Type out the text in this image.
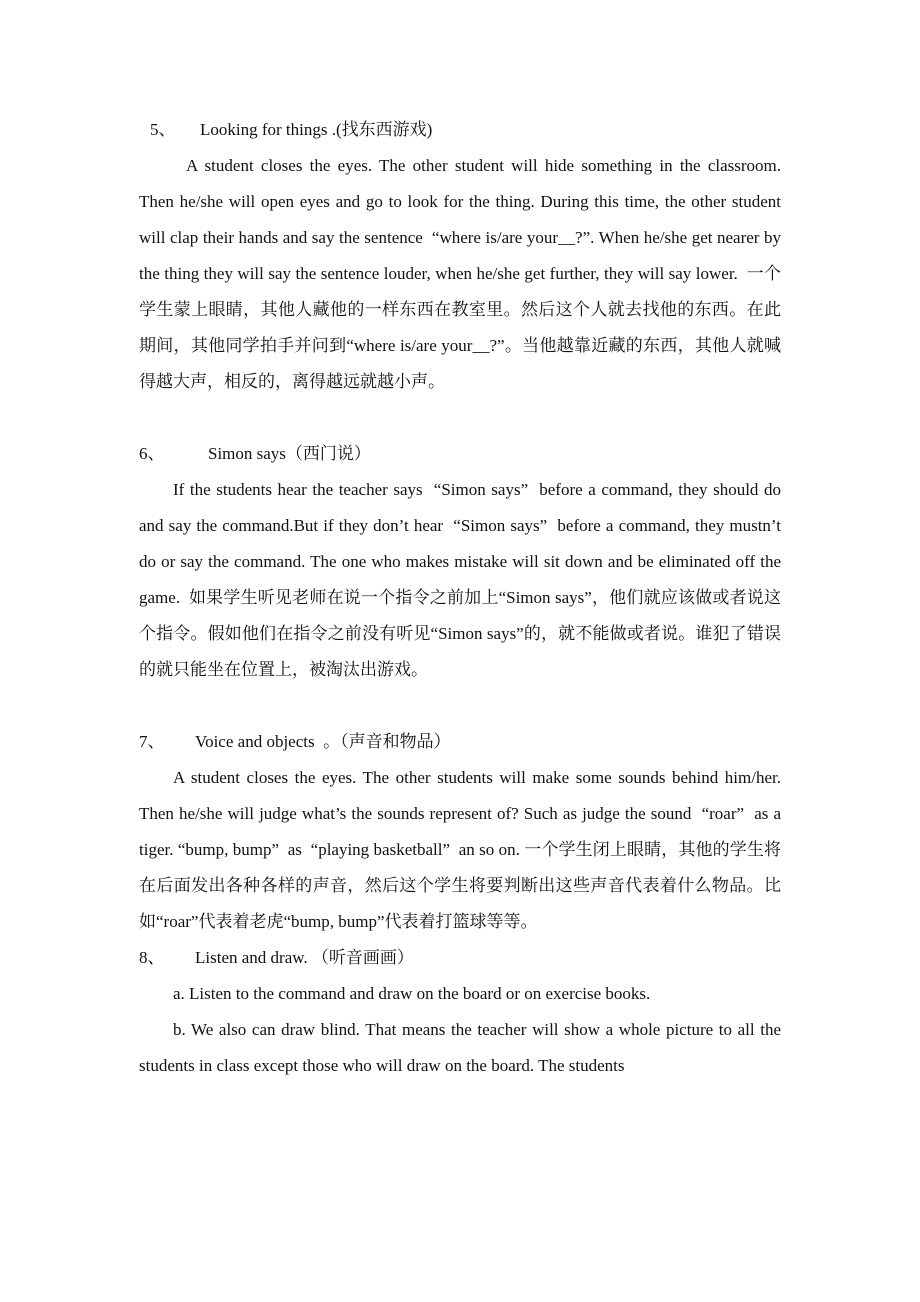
5、 Looking for things .(找东西游戏)

A student closes the eyes. The other student will hide something in the classroom. Then he/she will open eyes and go to look for the thing. During this time, the other student will clap their hands and say the sentence  “where is/are your__?”. When he/she get nearer by the thing they will say the sentence louder, when he/she get further, they will say lower.  一个学生蒙上眼睛，其他人藏他的一样东西在教室里。然后这个人就去找他的东西。在此期间，其他同学拍手并问到“where is/are your__?”。当他越靠近藏的东西，其他人就喊得越大声，相反的，离得越远就越小声。

6、	Simon says（西门说）

If the students hear the teacher says  “Simon says”  before a command, they should do and say the command.But if they don’t hear  “Simon says”  before a command, they mustn’t do or say the command. The one who makes mistake will sit down and be eliminated off the game.  如果学生听见老师在说一个指令之前加上“Simon says”，他们就应该做或者说这个指令。假如他们在指令之前没有听见“Simon says”的，就不能做或者说。谁犯了错误的就只能坐在位置上，被淘汰出游戏。

7、 Voice and objects  。（声音和物品）

A student closes the eyes. The other students will make some sounds behind him/her. Then he/she will judge what’s the sounds represent of? Such as judge the sound  “roar”  as a tiger. “bump, bump”  as  “playing basketball”  an so on. 一个学生闭上眼睛，其他的学生将在后面发出各种各样的声音，然后这个学生将要判断出这些声音代表着什么物品。比如“roar”代表着老虎“bump, bump”代表着打篮球等等。

8、 Listen and draw. （听音画画）

a. Listen to the command and draw on the board or on exercise books.

b. We also can draw blind. That means the teacher will show a whole picture to all the students in class except those who will draw on the board. The students
